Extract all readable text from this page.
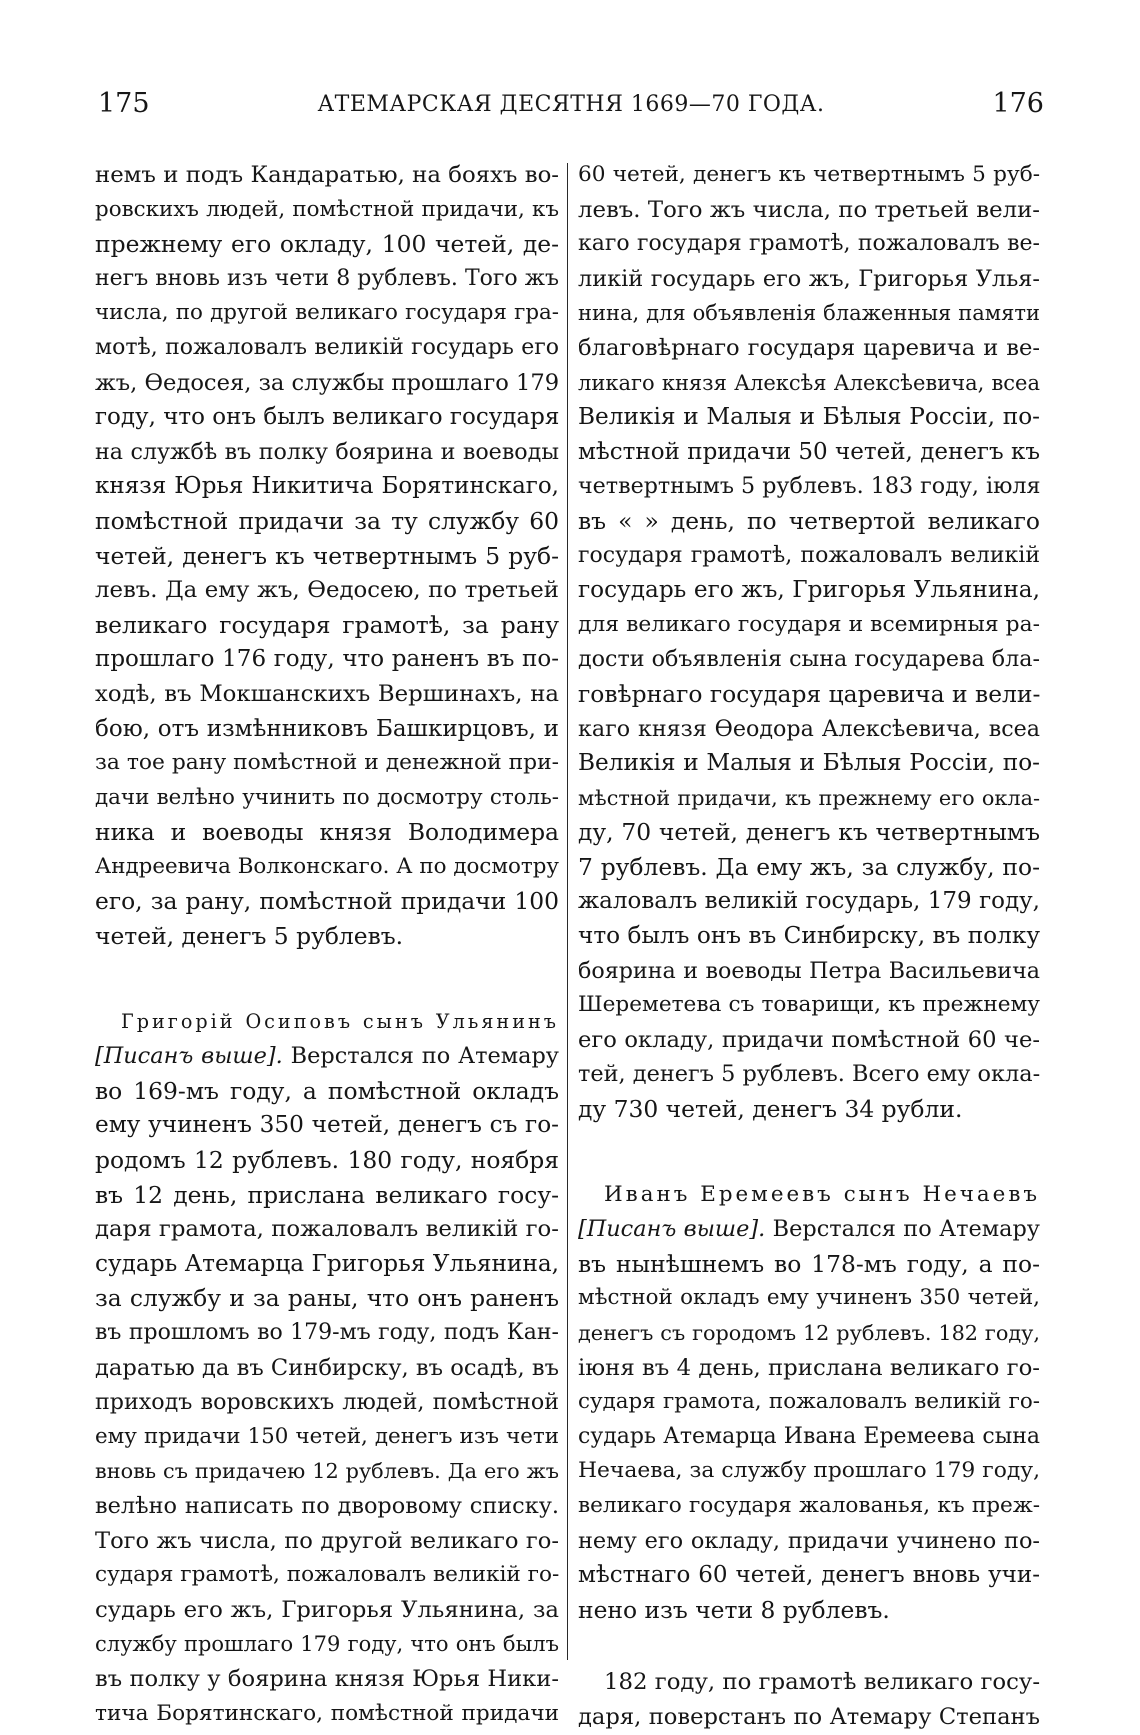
175	АТЕМАРСКАЯ ДЕСЯТНЯ 1669—70 ГОДА.	176
немъ и подъ Кандаратью, на бояхъ во-
ровскихъ людей, помѣстной придачи, къ
прежнему его окладу, 100 четей, де-
негъ вновь изъ чети 8 рублевъ. Того жъ
числа, по другой великаго государя гра-
мотѣ, пожаловалъ великій государь его
жъ, Ѳедосея, за службы прошлаго 179
году, что онъ былъ великаго государя
на службѣ въ полку боярина и воеводы
князя Юрья Никитича Борятинскаго,
помѣстной придачи за ту службу 60
четей, денегъ къ четвертнымъ 5 руб-
левъ. Да ему жъ, Ѳедосею, по третьей
великаго государя грамотѣ, за рану
прошлаго 176 году, что раненъ въ по-
ходѣ, въ Мокшанскихъ Вершинахъ, на
бою, отъ измѣнниковъ Башкирцовъ, и
за тое рану помѣстной и денежной при-
дачи велѣно учинить по досмотру столь-
ника и воеводы князя Володимера
Андреевича Волконскаго. А по досмотру
его, за рану, помѣстной придачи 100
четей, денегъ 5 рублевъ.
Григорій Осиповъ сынъ Ульянинъ
[Писанъ выше]. Верстался по Атемару
во 169-мъ году, а помѣстной окладъ
ему учиненъ 350 четей, денегъ съ го-
родомъ 12 рублевъ. 180 году, ноября
въ 12 день, прислана великаго госу-
даря грамота, пожаловалъ великій го-
сударь Атемарца Григорья Ульянина,
за службу и за раны, что онъ раненъ
въ прошломъ во 179-мъ году, подъ Кан-
даратью да въ Синбирску, въ осадѣ, въ
приходъ воровскихъ людей, помѣстной
ему придачи 150 четей, денегъ изъ чети
вновь съ придачею 12 рублевъ. Да его жъ
велѣно написать по дворовому списку.
Того жъ числа, по другой великаго го-
сударя грамотѣ, пожаловалъ великій го-
сударь его жъ, Григорья Ульянина, за
службу прошлаго 179 году, что онъ былъ
въ полку у боярина князя Юрья Ники-
тича Борятинскаго, помѣстной придачи
60 четей, денегъ къ четвертнымъ 5 руб-
левъ. Того жъ числа, по третьей вели-
каго государя грамотѣ, пожаловалъ ве-
ликій государь его жъ, Григорья Улья-
нина, для объявленія блаженныя памяти
благовѣрнаго государя царевича и ве-
ликаго князя Алексѣя Алексѣевича, всеа
Великія и Малыя и Бѣлыя Россіи, по-
мѣстной придачи 50 четей, денегъ къ
четвертнымъ 5 рублевъ. 183 году, іюля
въ « » день, по четвертой великаго
государя грамотѣ, пожаловалъ великій
государь его жъ, Григорья Ульянина,
для великаго государя и всемирныя ра-
дости объявленія сына государева бла-
говѣрнаго государя царевича и вели-
каго князя Ѳеодора Алексѣевича, всеа
Великія и Малыя и Бѣлыя Россіи, по-
мѣстной придачи, къ прежнему его окла-
ду, 70 четей, денегъ къ четвертнымъ
7 рублевъ. Да ему жъ, за службу, по-
жаловалъ великій государь, 179 году,
что былъ онъ въ Синбирску, въ полку
боярина и воеводы Петра Васильевича
Шереметева съ товарищи, къ прежнему
его окладу, придачи помѣстной 60 че-
тей, денегъ 5 рублевъ. Всего ему окла-
ду 730 четей, денегъ 34 рубли.
Иванъ Еремеевъ сынъ Нечаевъ
[Писанъ выше]. Верстался по Атемару
въ нынѣшнемъ во 178-мъ году, а по-
мѣстной окладъ ему учиненъ 350 четей,
денегъ съ городомъ 12 рублевъ. 182 году,
іюня въ 4 день, прислана великаго го-
сударя грамота, пожаловалъ великій го-
сударь Атемарца Ивана Еремеева сына
Нечаева, за службу прошлаго 179 году,
великаго государя жалованья, къ преж-
нему его окладу, придачи учинено по-
мѣстнаго 60 четей, денегъ вновь учи-
нено изъ чети 8 рублевъ.
182 году, по грамотѣ великаго госу-
даря, поверстанъ по Атемару Степанъ
